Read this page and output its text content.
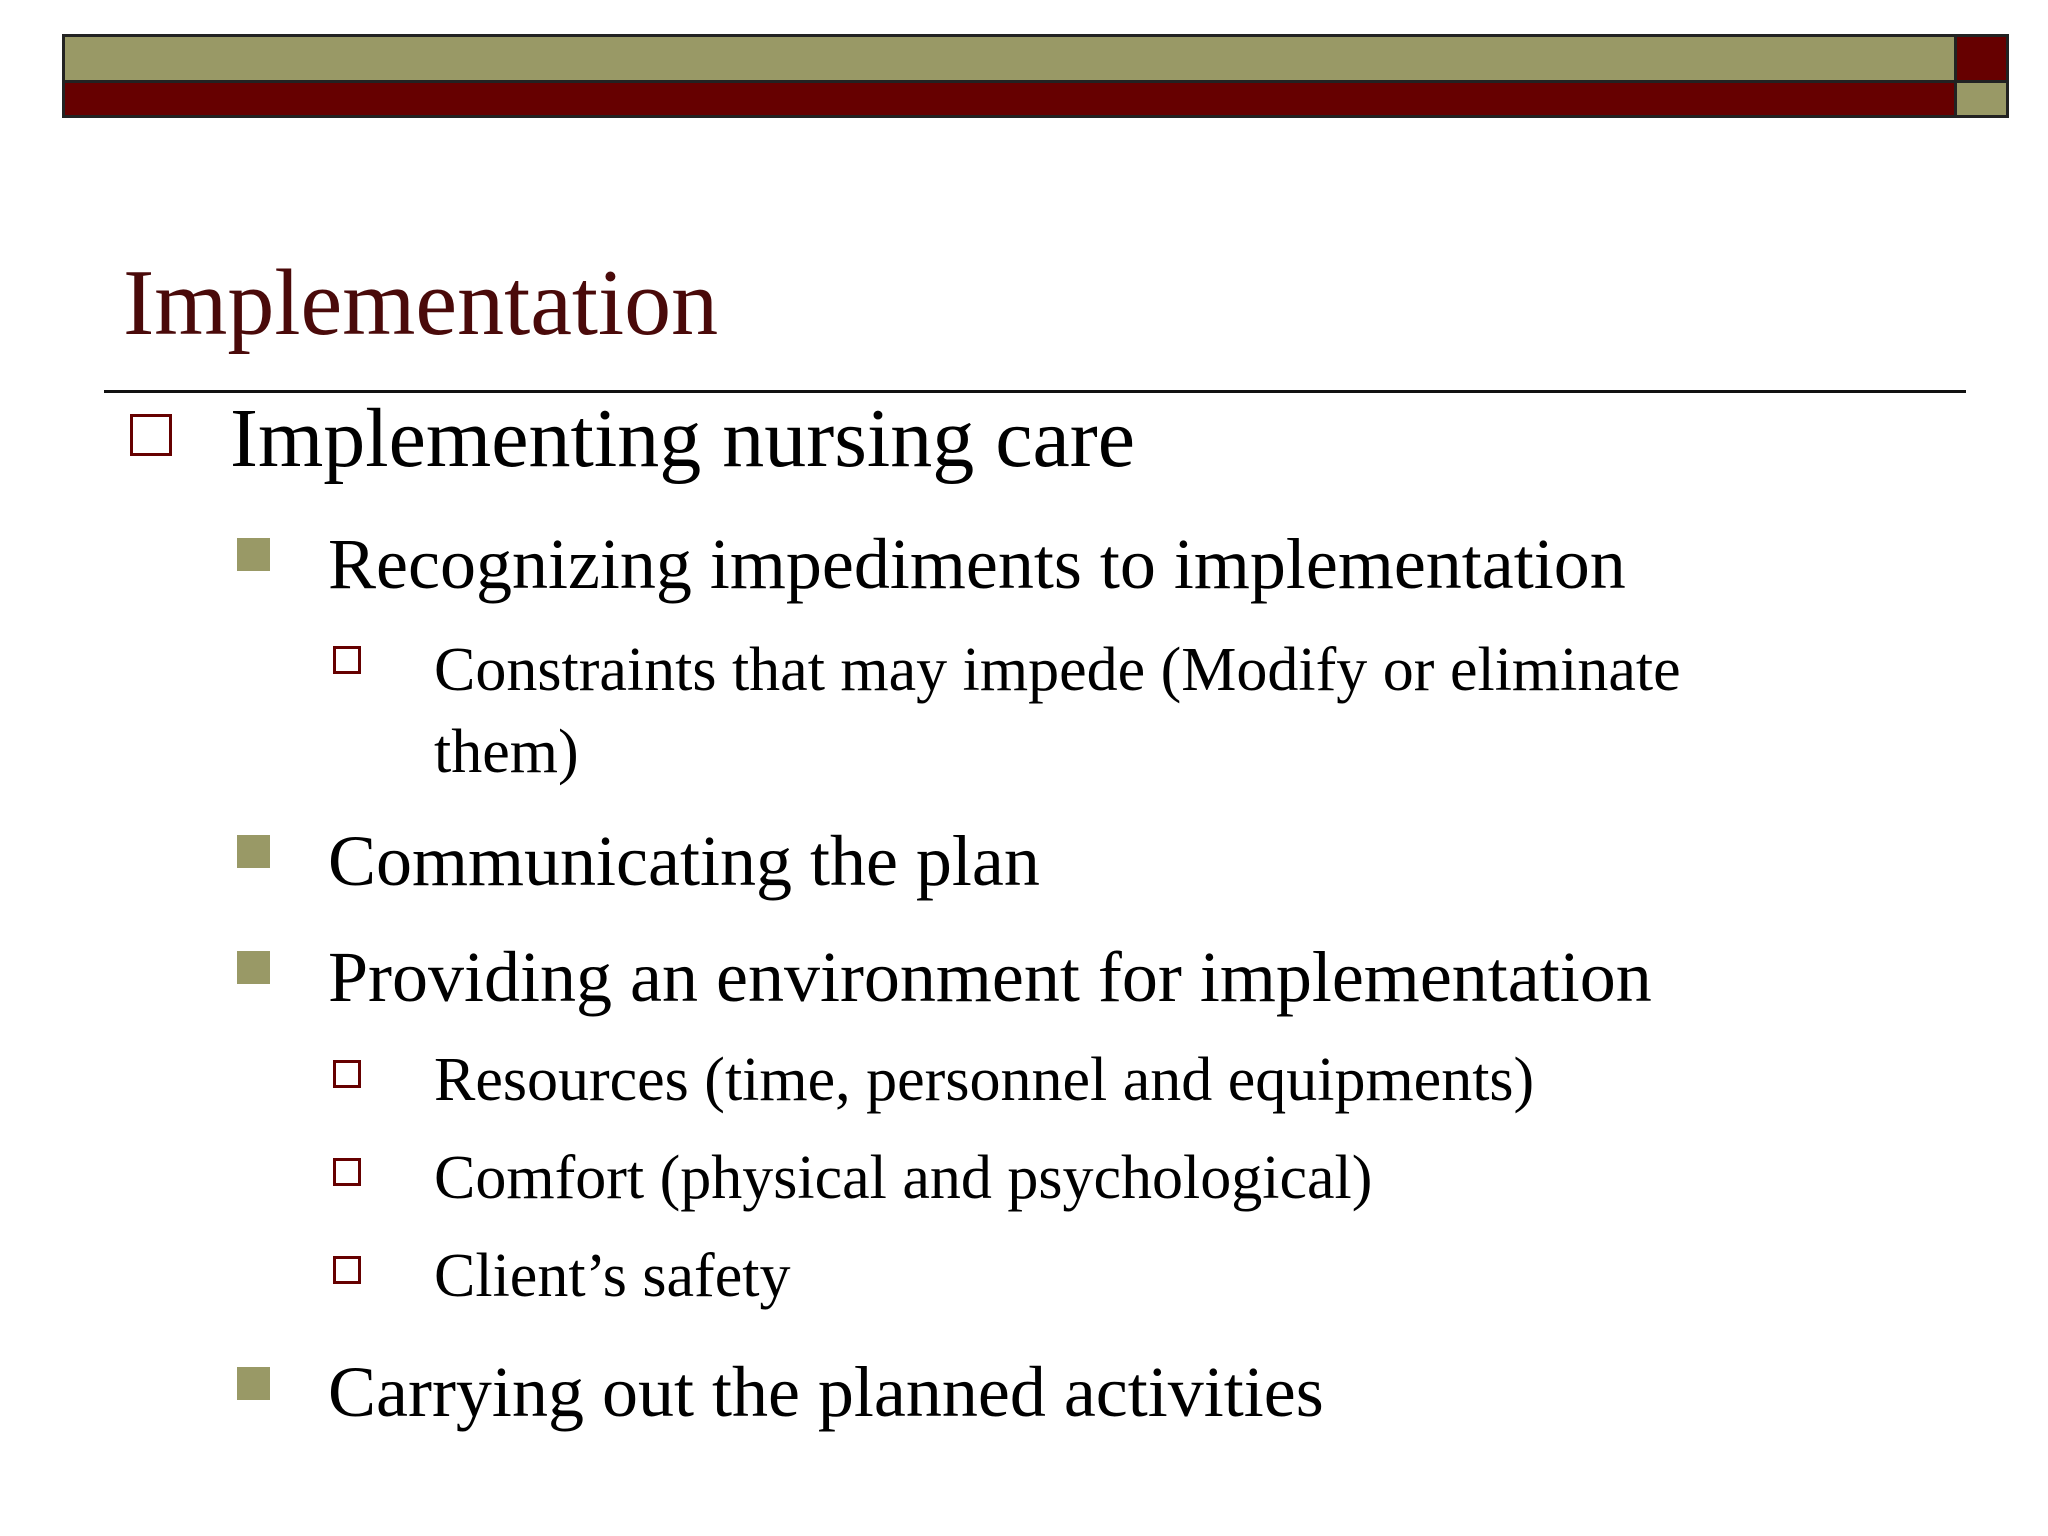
Implementation
Implementing nursing care
Recognizing impediments to implementation
Constraints that may impede (Modify or eliminate them)
Communicating the plan
Providing an environment for implementation
Resources (time, personnel and equipments)
Comfort (physical and psychological)
Client’s safety
Carrying out the planned activities
